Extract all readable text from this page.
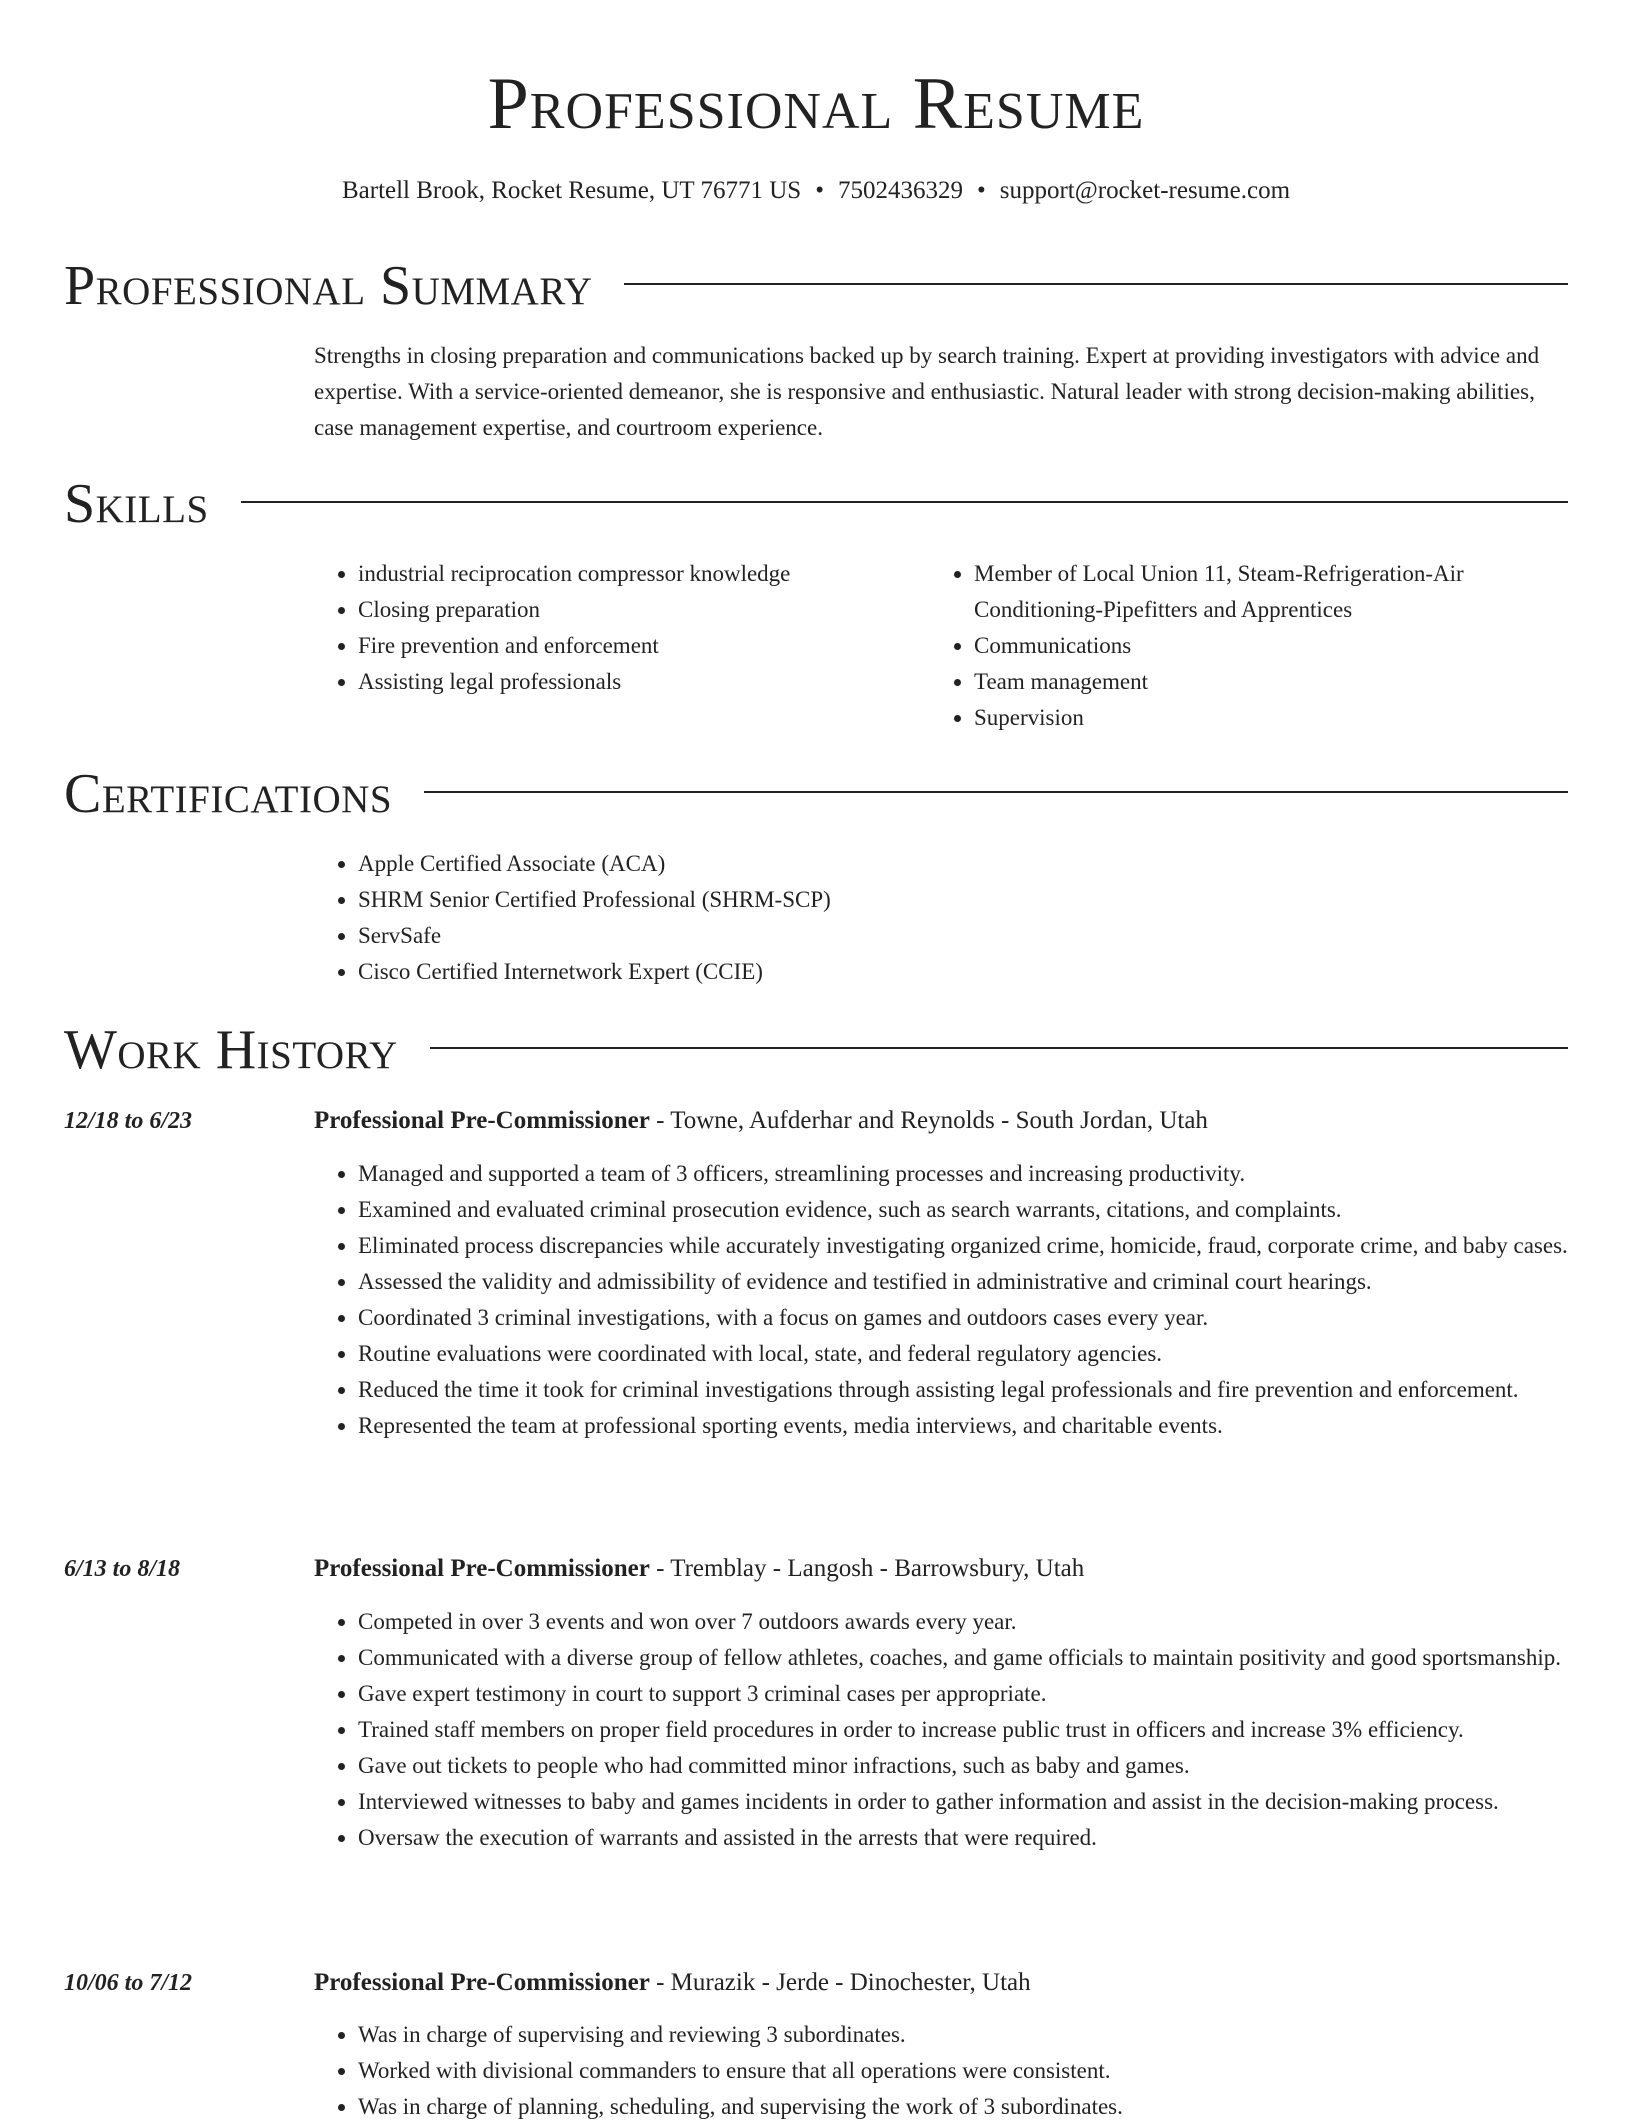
Professional Resume
Bartell Brook, Rocket Resume, UT 76771 US • 7502436329 • support@rocket-resume.com
Professional Summary

Strengths in closing preparation and communications backed up by search training. Expert at providing investigators with advice and expertise. With a service-oriented demeanor, she is responsive and enthusiastic. Natural leader with strong decision-making abilities, case management expertise, and courtroom experience.

Skills
• industrial reciprocation compressor knowledge
• Closing preparation
• Fire prevention and enforcement
• Assisting legal professionals
• Member of Local Union 11, Steam-Refrigeration-Air Conditioning-Pipefitters and Apprentices
• Communications
• Team management
• Supervision
Certifications
• Apple Certified Associate (ACA)
• SHRM Senior Certified Professional (SHRM-SCP)
• ServSafe
• Cisco Certified Internetwork Expert (CCIE)
Work History
12/18 to 6/23	Professional Pre-Commissioner - Towne, Aufderhar and Reynolds - South Jordan, Utah
• Managed and supported a team of 3 officers, streamlining processes and increasing productivity.
• Examined and evaluated criminal prosecution evidence, such as search warrants, citations, and complaints.
• Eliminated process discrepancies while accurately investigating organized crime, homicide, fraud, corporate crime, and baby cases.
• Assessed the validity and admissibility of evidence and testified in administrative and criminal court hearings.
• Coordinated 3 criminal investigations, with a focus on games and outdoors cases every year.
• Routine evaluations were coordinated with local, state, and federal regulatory agencies.
• Reduced the time it took for criminal investigations through assisting legal professionals and fire prevention and enforcement.
• Represented the team at professional sporting events, media interviews, and charitable events.
6/13 to 8/18	Professional Pre-Commissioner - Tremblay - Langosh - Barrowsbury, Utah
• Competed in over 3 events and won over 7 outdoors awards every year.
• Communicated with a diverse group of fellow athletes, coaches, and game officials to maintain positivity and good sportsmanship.
• Gave expert testimony in court to support 3 criminal cases per appropriate.
• Trained staff members on proper field procedures in order to increase public trust in officers and increase 3% efficiency.
• Gave out tickets to people who had committed minor infractions, such as baby and games.
• Interviewed witnesses to baby and games incidents in order to gather information and assist in the decision-making process.
• Oversaw the execution of warrants and assisted in the arrests that were required.
10/06 to 7/12	Professional Pre-Commissioner - Murazik - Jerde - Dinochester, Utah
• Was in charge of supervising and reviewing 3 subordinates.
• Worked with divisional commanders to ensure that all operations were consistent.
• Was in charge of planning, scheduling, and supervising the work of 3 subordinates.
